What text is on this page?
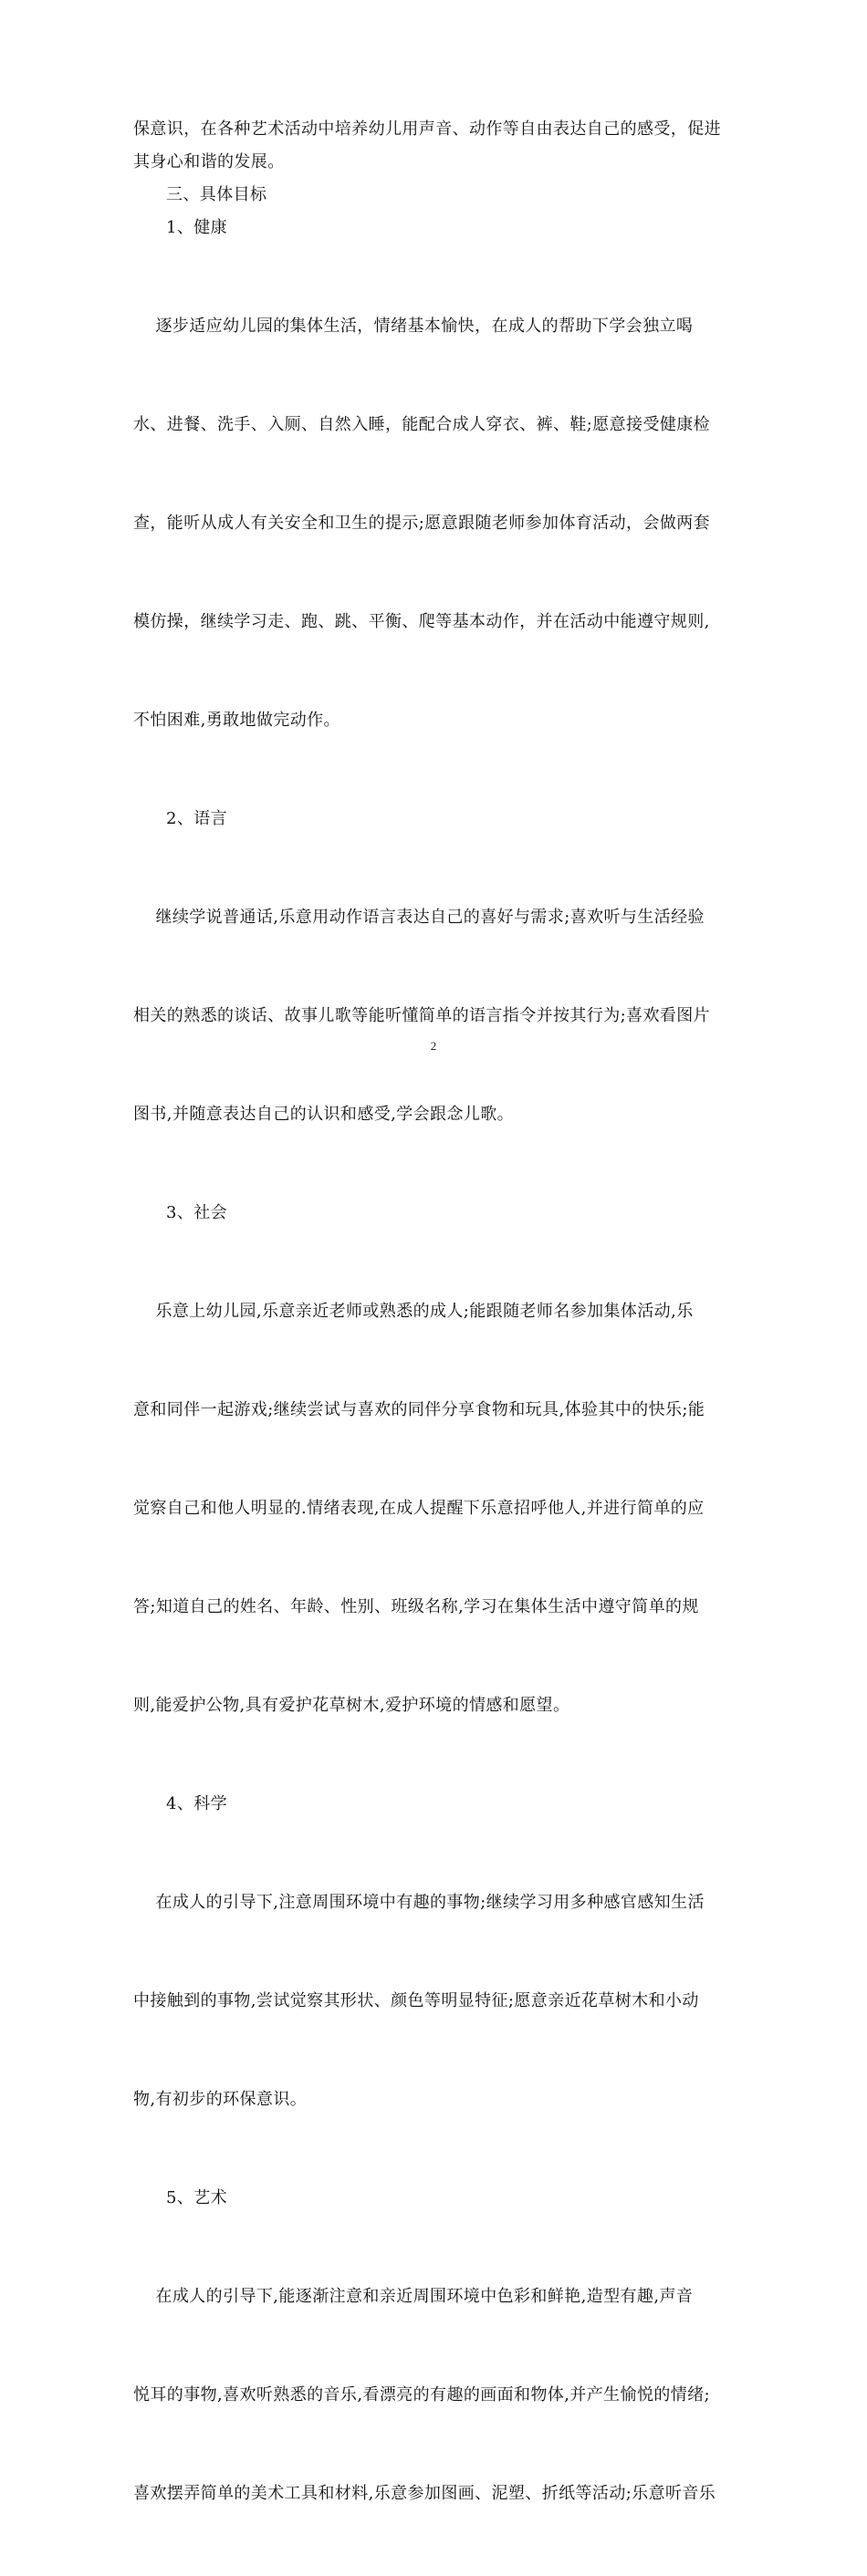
保意识，在各种艺术活动中培养幼儿用声音、动作等自由表达自己的感受，促进
其身心和谐的发展。

三、具体目标

1、健康

逐步适应幼儿园的集体生活，情绪基本愉快，在成人的帮助下学会独立喝

水、进餐、洗手、入厕、自然入睡，能配合成人穿衣、裤、鞋;愿意接受健康检

查，能听从成人有关安全和卫生的提示;愿意跟随老师参加体育活动，会做两套

模仿操，继续学习走、跑、跳、平衡、爬等基本动作，并在活动中能遵守规则,

不怕困难,勇敢地做完动作。

2、语言

继续学说普通话,乐意用动作语言表达自己的喜好与需求;喜欢听与生活经验

相关的熟悉的谈话、故事儿歌等能听懂简单的语言指令并按其行为;喜欢看图片

图书,并随意表达自己的认识和感受,学会跟念儿歌。

3、社会

乐意上幼儿园,乐意亲近老师或熟悉的成人;能跟随老师名参加集体活动,乐

意和同伴一起游戏;继续尝试与喜欢的同伴分享食物和玩具,体验其中的快乐;能

觉察自己和他人明显的.情绪表现,在成人提醒下乐意招呼他人,并进行简单的应

答;知道自己的姓名、年龄、性别、班级名称,学习在集体生活中遵守简单的规

则,能爱护公物,具有爱护花草树木,爱护环境的情感和愿望。

4、科学

在成人的引导下,注意周围环境中有趣的事物;继续学习用多种感官感知生活

中接触到的事物,尝试觉察其形状、颜色等明显特征;愿意亲近花草树木和小动

物,有初步的环保意识。

5、艺术

在成人的引导下,能逐渐注意和亲近周围环境中色彩和鲜艳,造型有趣,声音

悦耳的事物,喜欢听熟悉的音乐,看漂亮的有趣的画面和物体,并产生愉悦的情绪;

喜欢摆弄简单的美术工具和材料,乐意参加图画、泥塑、折纸等活动;乐意听音乐

2
